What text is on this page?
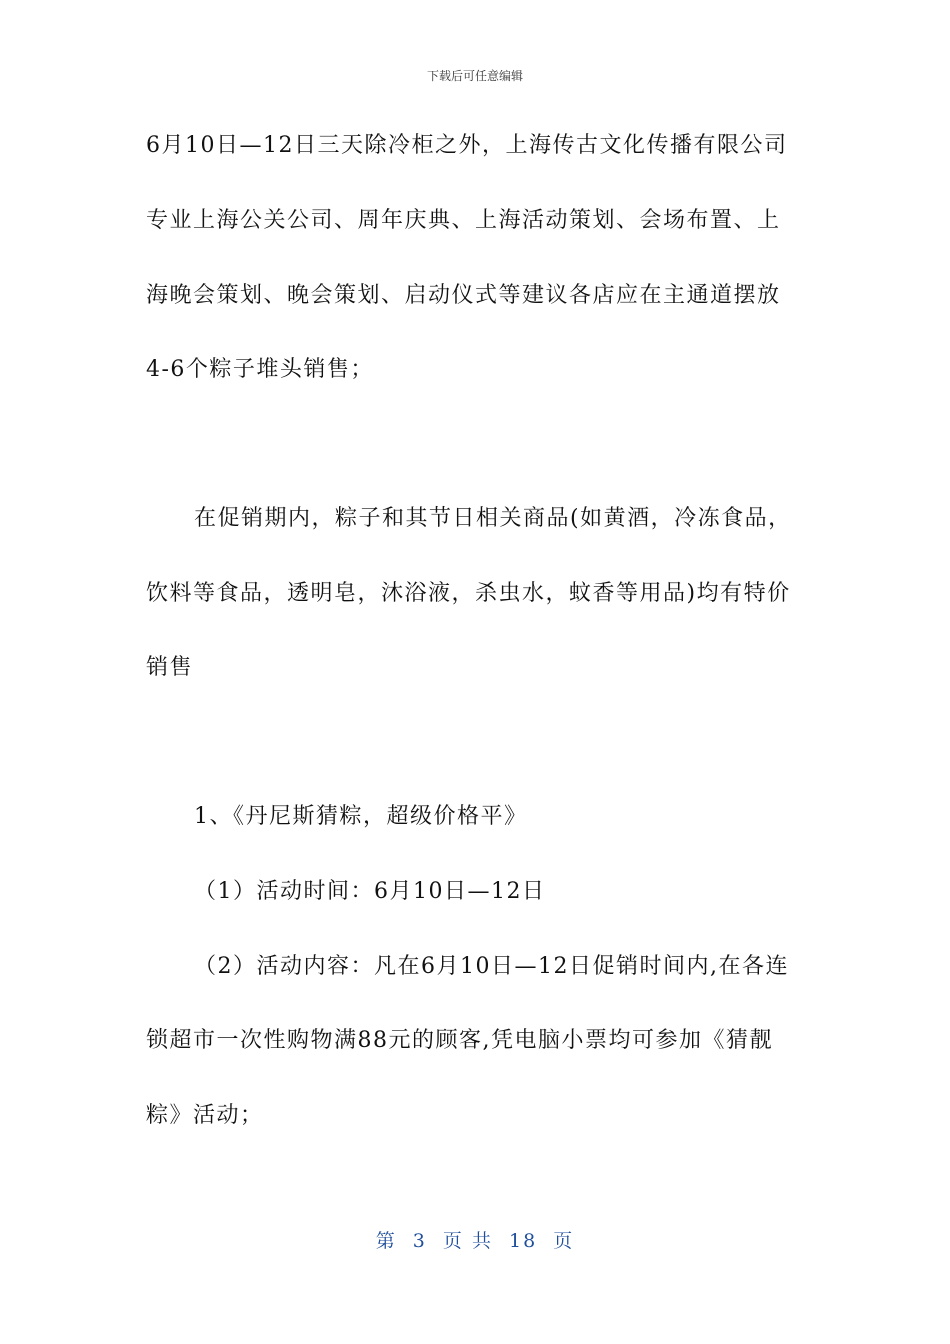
下载后可任意编辑
6月10日—12日三天除冷柜之外，上海传古文化传播有限公司
专业上海公关公司、周年庆典、上海活动策划、会场布置、上
海晚会策划、晚会策划、启动仪式等建议各店应在主通道摆放
4-6个粽子堆头销售；
在促销期内，粽子和其节日相关商品(如黄酒，冷冻食品，
饮料等食品，透明皂，沐浴液，杀虫水，蚊香等用品)均有特价
销售
1、《丹尼斯猜粽，超级价格平》
（1）活动时间：6月10日—12日
（2）活动内容：凡在6月10日—12日促销时间内,在各连
锁超市一次性购物满88元的顾客,凭电脑小票均可参加《猜靓
粽》活动；
第 3 页 共 18 页
